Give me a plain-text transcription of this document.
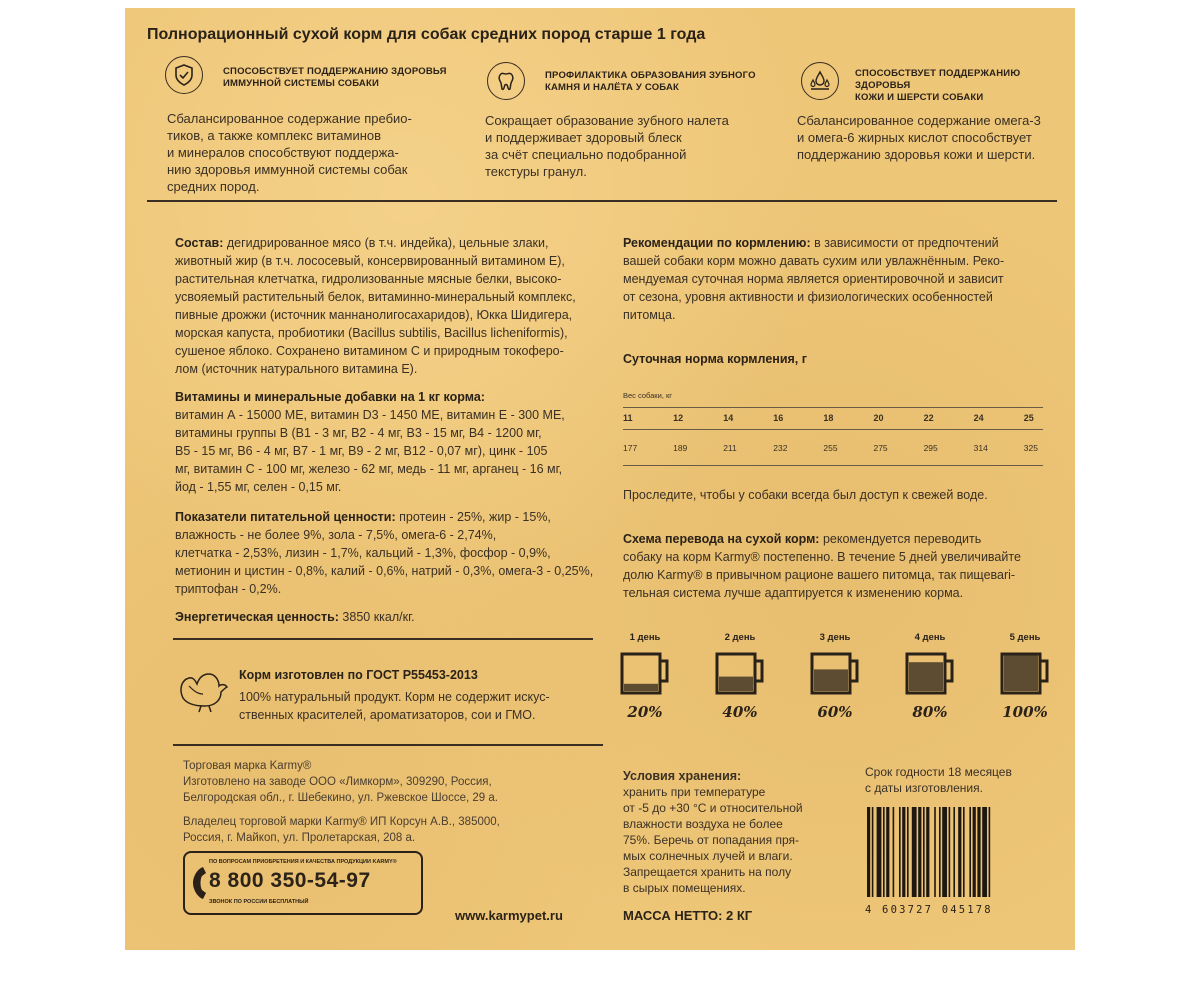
Полнорационный сухой корм для собак средних пород старше 1 года
СПОСОБСТВУЕТ ПОДДЕРЖАНИЮ ЗДОРОВЬЯ
ИММУННОЙ СИСТЕМЫ СОБАКИ
Сбалансированное содержание пребио-
тиков, а также комплекс витаминов
и минералов способствуют поддержа-
нию здоровья иммунной системы собак
средних пород.
ПРОФИЛАКТИКА ОБРАЗОВАНИЯ ЗУБНОГО
КАМНЯ И НАЛЁТА У СОБАК
Сокращает образование зубного налета
и поддерживает здоровый блеск
за счёт специально подобранной
текстуры гранул.
СПОСОБСТВУЕТ ПОДДЕРЖАНИЮ ЗДОРОВЬЯ
КОЖИ И ШЕРСТИ СОБАКИ
Сбалансированное содержание омега-3
и омега-6 жирных кислот способствует
поддержанию здоровья кожи и шерсти.
Состав: дегидрированное мясо (в т.ч. индейка), цельные злаки,
животный жир (в т.ч. лососевый, консервированный витамином Е),
растительная клетчатка, гидролизованные мясные белки, высоко-
усвояемый растительный белок, витаминно-минеральный комплекс,
пивные дрожжи (источник маннанолигосахаридов), Юкка Шидигера,
морская капуста, пробиотики (Bacillus subtilis, Bacillus licheniformis),
сушеное яблоко. Сохранено витамином С и природным токоферо-
лом (источник натурального витамина Е).
Витамины и минеральные добавки на 1 кг корма:
витамин А - 15000 МЕ, витамин D3 - 1450 МЕ, витамин Е - 300 МЕ,
витамины группы В (В1 - 3 мг, В2 - 4 мг, В3 - 15 мг, В4 - 1200 мг,
В5 - 15 мг, В6 - 4 мг, В7 - 1 мг, В9 - 2 мг, В12 - 0,07 мг), цинк - 105
мг, витамин С - 100 мг, железо - 62 мг, медь - 11 мг, арганец - 16 мг,
йод - 1,55 мг, селен - 0,15 мг.
Показатели питательной ценности: протеин - 25%, жир - 15%,
влажность - не более 9%, зола - 7,5%, омега-6 - 2,74%,
клетчатка - 2,53%, лизин - 1,7%, кальций - 1,3%, фосфор - 0,9%,
метионин и цистин - 0,8%, калий - 0,6%, натрий - 0,3%, омега-3 - 0,25%,
триптофан - 0,2%.
Энергетическая ценность: 3850 ккал/кг.
Корм изготовлен по ГОСТ Р55453-2013
100% натуральный продукт. Корм не содержит искус-
ственных красителей, ароматизаторов, сои и ГМО.
Торговая марка Karmy®
Изготовлено на заводе ООО «Лимкорм», 309290, Россия,
Белгородская обл., г. Шебекино, ул. Ржевское Шоссе, 29 а.
Владелец торговой марки Karmy® ИП Корсун А.В., 385000,
Россия, г. Майкоп, ул. Пролетарская, 208 а.
ПО ВОПРОСАМ ПРИОБРЕТЕНИЯ И КАЧЕСТВА ПРОДУКЦИИ KARMY®
8 800 350-54-97
ЗВОНОК ПО РОССИИ БЕСПЛАТНЫЙ
www.karmypet.ru
Рекомендации по кормлению: в зависимости от предпочтений
вашей собаки корм можно давать сухим или увлажнённым. Реко-
мендуемая суточная норма является ориентировочной и зависит
от сезона, уровня активности и физиологических особенностей
питомца.
Суточная норма кормления, г
Вес собаки, кг
11	12	14	16	18	20	22	24	25
177	189	211	232	255	275	295	314	325
Проследите, чтобы у собаки всегда был доступ к свежей воде.
Схема перевода на сухой корм: рекомендуется переводить
собаку на корм Karmy® постепенно. В течение 5 дней увеличивайте
долю Karmy® в привычном рационе вашего питомца, так пищеваri-
тельная система лучше адаптируется к изменению корма.
1 день
20%
2 день
40%
3 день
60%
4 день
80%
5 день
100%
Условия хранения:
хранить при температуре
от -5 до +30 °С и относительной
влажности воздуха не более
75%. Беречь от попадания пря-
мых солнечных лучей и влаги.
Запрещается хранить на полу
в сырых помещениях.
Срок годности 18 месяцев
с даты изготовления.
МАССА НЕТТО: 2 КГ	4 603727 045178
